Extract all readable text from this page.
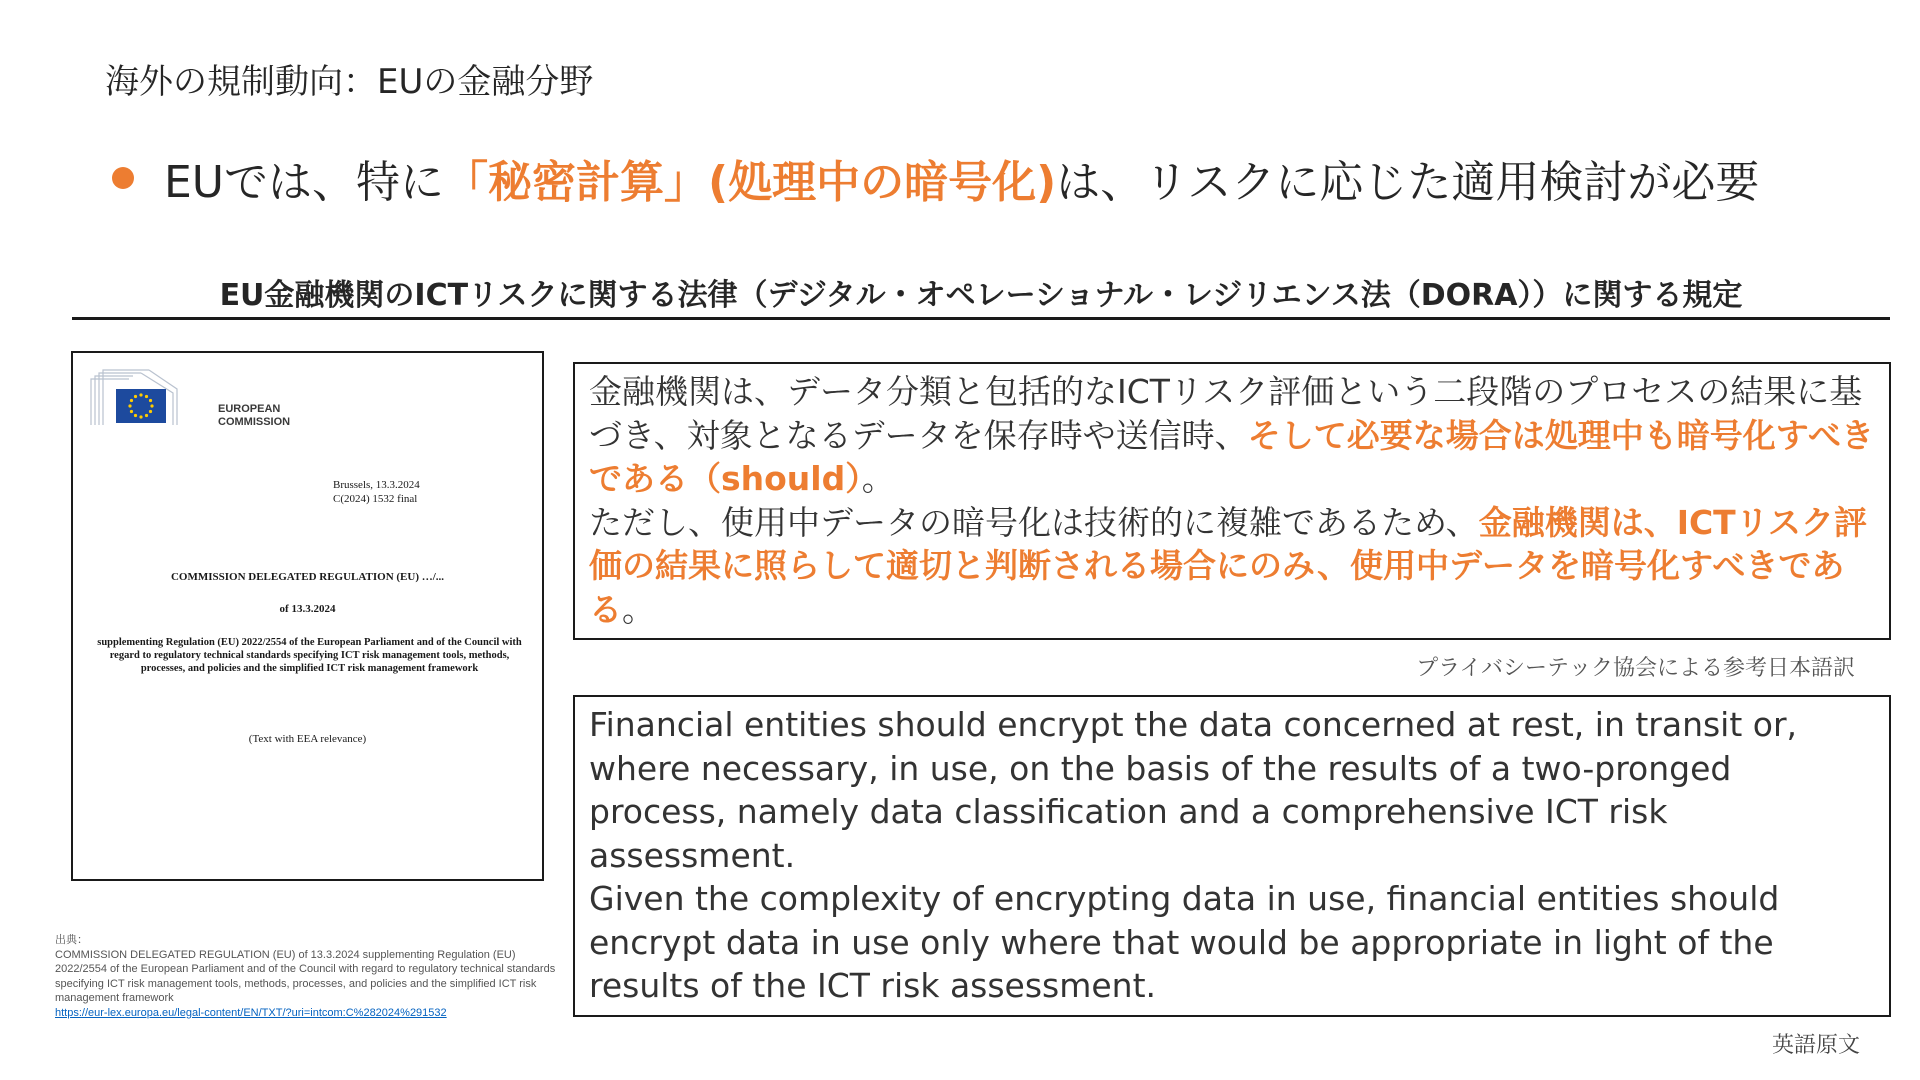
海外の規制動向：EUの金融分野
EUでは、特に 「秘密計算」(処理中の暗号化) は、リスクに応じた適用検討が必要
EU金融機関のICTリスクに関する法律（デジタル・オペレーショナル・レジリエンス法（DORA））に関する規定
EUROPEAN
COMMISSION
Brussels, 13.3.2024
C(2024) 1532 final
COMMISSION DELEGATED REGULATION (EU) …/...
of 13.3.2024
supplementing Regulation (EU) 2022/2554 of the European Parliament and of the Council with regard to regulatory technical standards specifying ICT risk management tools, methods, processes, and policies and the simplified ICT risk management framework
(Text with EEA relevance)

金融機関は、データ分類と包括的なICTリスク評価という二段階のプロセスの結果に基づき、対象となるデータを保存時や送信時、そして必要な場合は処理中も暗号化すべきである（should）。

ただし、使用中データの暗号化は技術的に複雑であるため、金融機関は、ICTリスク評価の結果に照らして適切と判断される場合にのみ、使用中データを暗号化すべきである。

プライバシーテック協会による参考日本語訳

Financial entities should encrypt the data concerned at rest, in transit or, where necessary, in use, on the basis of the results of a two-pronged process, namely data classification and a comprehensive ICT risk assessment.

Given the complexity of encrypting data in use, financial entities should encrypt data in use only where that would be appropriate in light of the results of the ICT risk assessment.

英語原文
出典：
COMMISSION DELEGATED REGULATION (EU) of 13.3.2024 supplementing Regulation (EU) 2022/2554 of the European Parliament and of the Council with regard to regulatory technical standards specifying ICT risk management tools, methods, processes, and policies and the simplified ICT risk management framework
https://eur-lex.europa.eu/legal-content/EN/TXT/?uri=intcom:C%282024%291532
